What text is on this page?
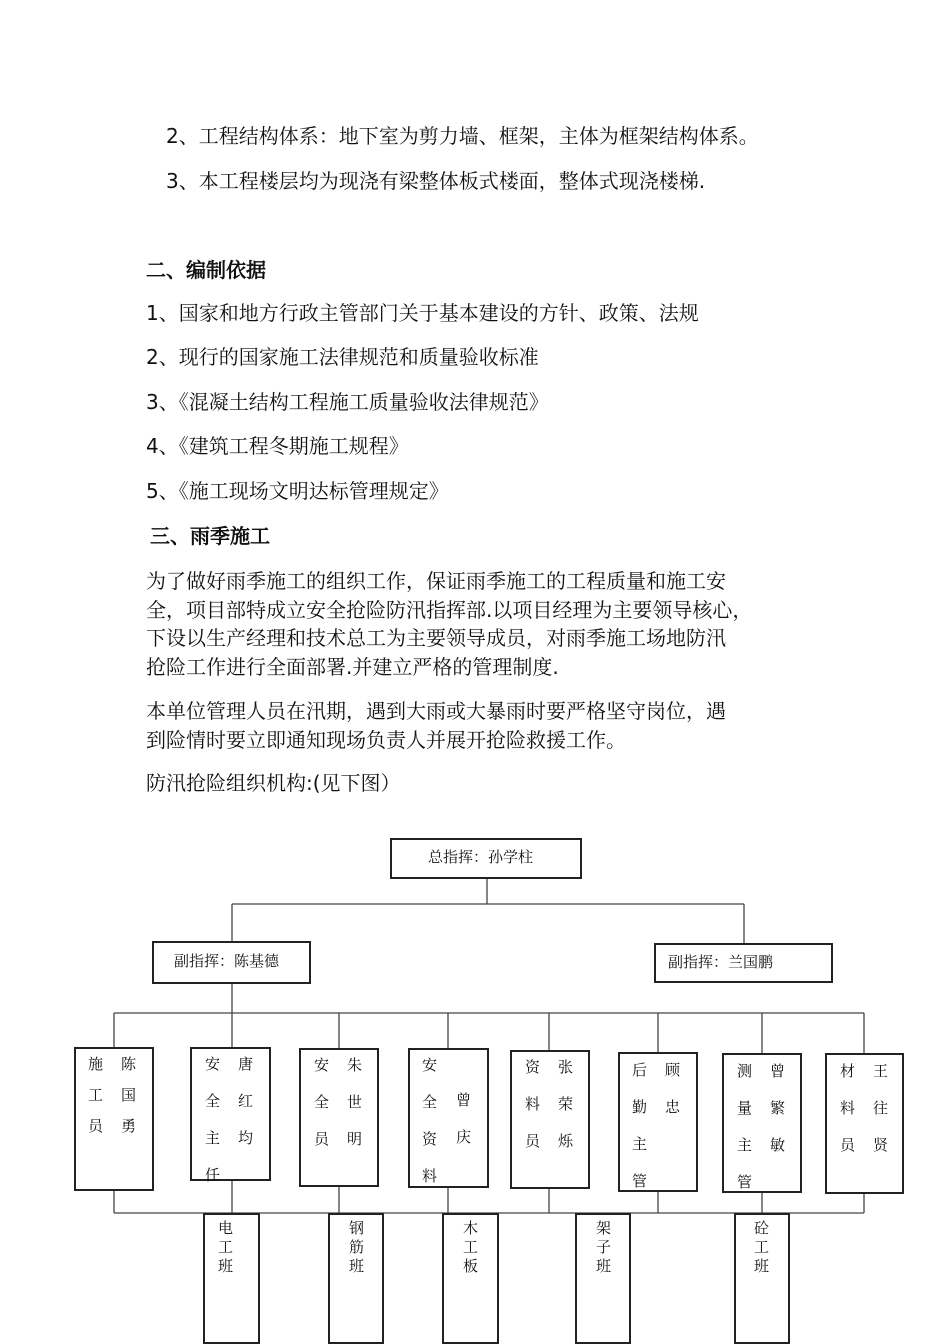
2、工程结构体系：地下室为剪力墙、框架，主体为框架结构体系。
3、本工程楼层均为现浇有梁整体板式楼面，整体式现浇楼梯.
二、编制依据
1、国家和地方行政主管部门关于基本建设的方针、政策、法规
2、现行的国家施工法律规范和质量验收标准
3、《混凝土结构工程施工质量验收法律规范》
4、《建筑工程冬期施工规程》
5、《施工现场文明达标管理规定》
三、雨季施工
为了做好雨季施工的组织工作，保证雨季施工的工程质量和施工安
全，项目部特成立安全抢险防汛指挥部.以项目经理为主要领导核心，
下设以生产经理和技术总工为主要领导成员，对雨季施工场地防汛
抢险工作进行全面部署.并建立严格的管理制度.
本单位管理人员在汛期，遇到大雨或大暴雨时要严格坚守岗位，遇
到险情时要立即通知现场负责人并展开抢险救援工作。
防汛抢险组织机构:(见下图）
总指挥：孙学柱
副指挥：陈基德	副指挥：兰国鹏
施
工
员
陈
国
勇
安
全
主
任
唐
红
均
安
全
员
朱
世
明
安
全
资
料
曾
庆
资
料
员
张
荣
烁
后
勤
主
管
顾
忠
测
量
主
管
曾
繁
敏
材
料
员
王
往
贤
电
工
班
钢
筋
班
木
工
板
架
子
班
砼
工
班
